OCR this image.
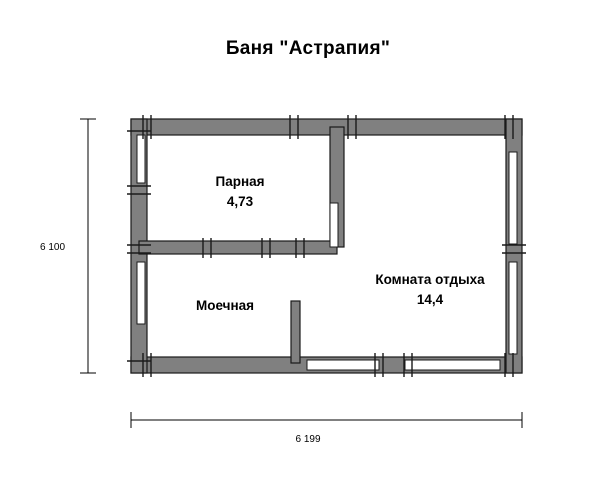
Баня "Астрапия"
Парная
4,73
Моечная
Комната отдыха
14,4
6 100
6 199
